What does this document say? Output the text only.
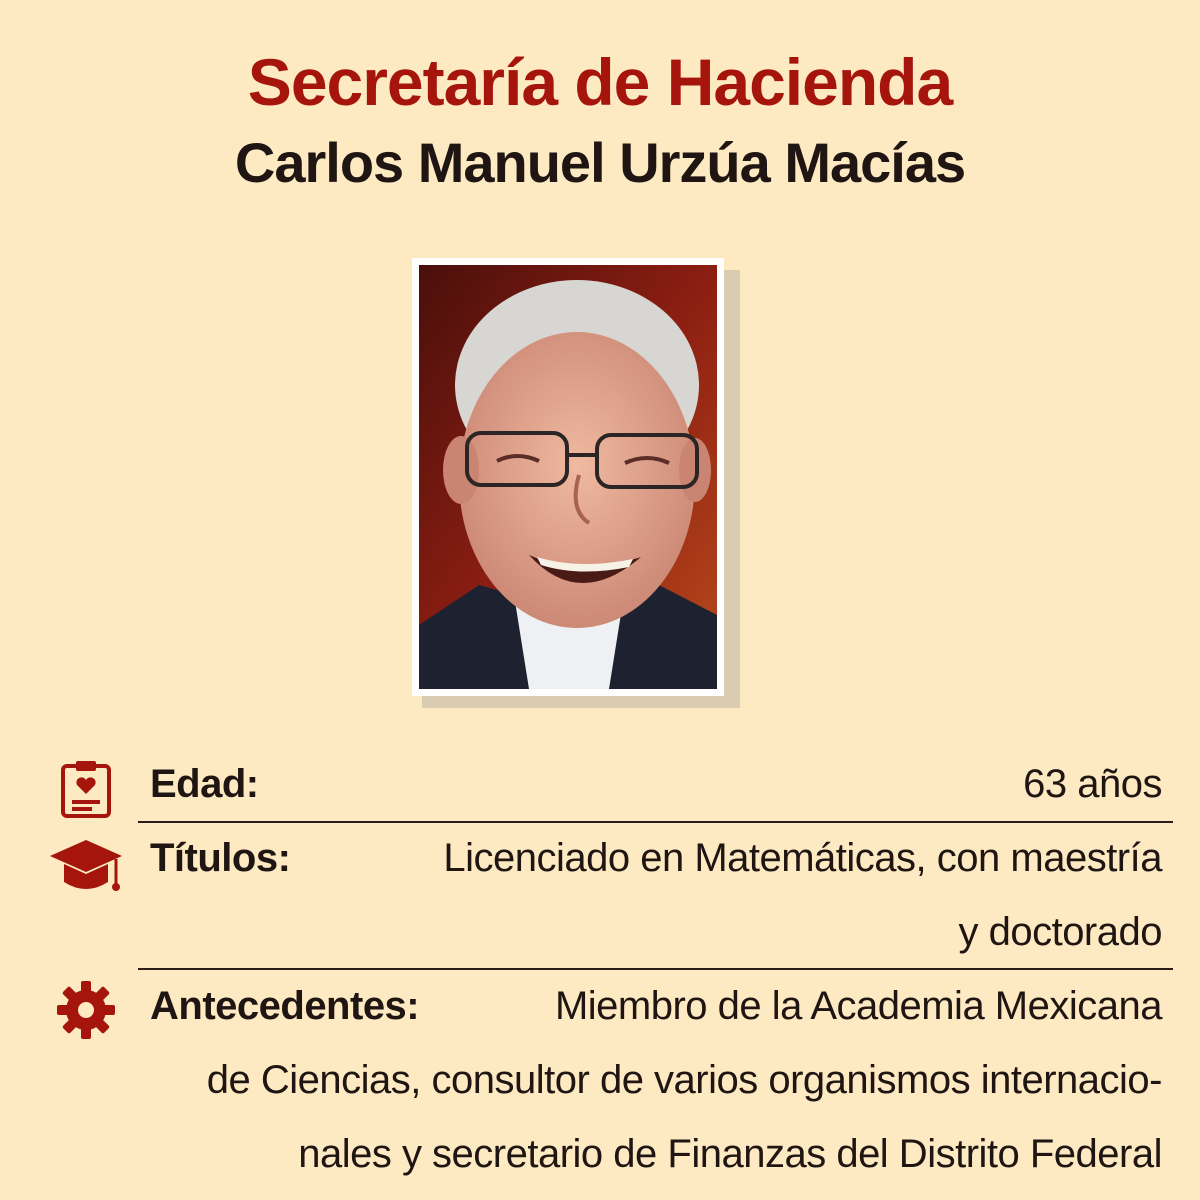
Secretaría de Hacienda
Carlos Manuel Urzúa Macías
Edad:	63 años
Títulos:	Licenciado en Matemáticas, con maestría
y doctorado
Antecedentes:	Miembro de la Academia Mexicana
de Ciencias, consultor de varios organismos internacio-
nales y secretario de Finanzas del Distrito Federal
